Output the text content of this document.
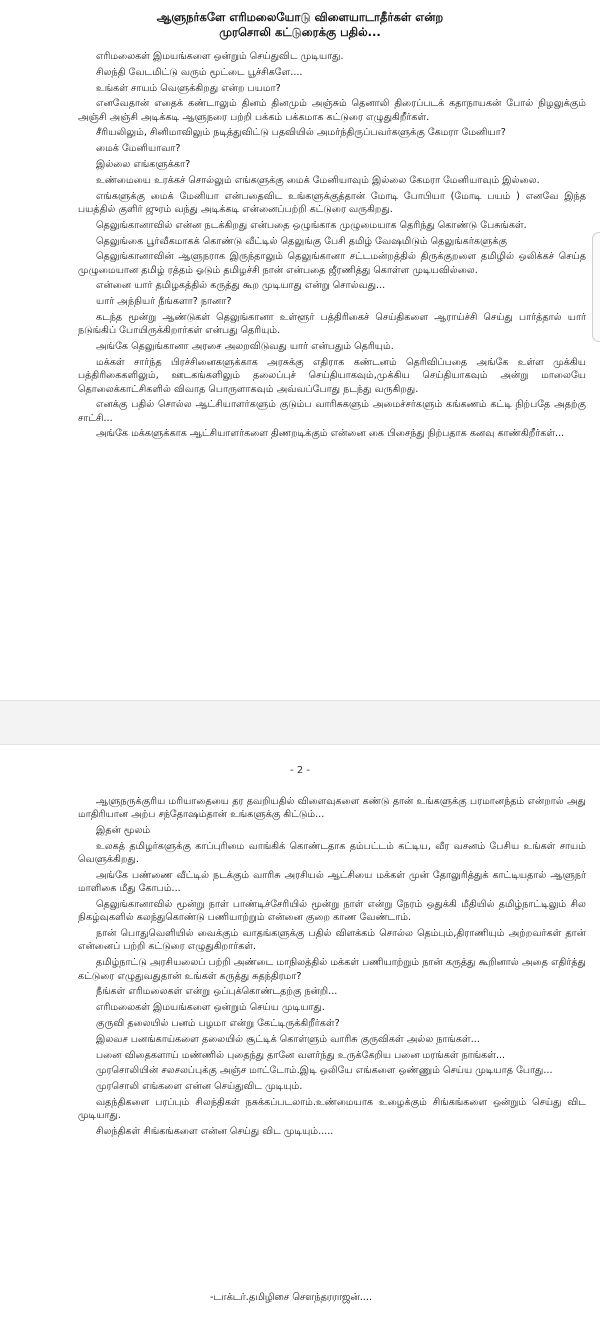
ஆளுநர்களே எரிமலையோடு விளையாடாதீர்கள் என்ற
முரசொலி கட்டுரைக்கு பதில்...

எரிமலைகள் இமயங்களை ஒன்றும் செய்துவிட முடியாது.

சிலந்தி வேடமிட்டு வரும் மூட்டை பூச்சிகளே....

உங்கள் சாயம் வெளுக்கிறது என்ற பயமா?

எனவேதான் எதைக் கண்டாலும் தினம் தினமும் அஞ்சும் தெனாலி திரைப்படக் கதாநாயகன் போல் நிழலுக்கும் அஞ்சி அஞ்சி அடிக்கடி ஆளுநரை பற்றி பக்கம் பக்கமாக கட்டுரை எழுதுகிறீர்கள்.

சீரியலிலும், சினிமாவிலும் நடித்துவிட்டு பதவியில் அமர்ந்திருப்பவர்களுக்கு கேமரா மேனியா?

மைக் மேனியாவா?

இல்லை எங்களுக்கா?

உண்மையை உரக்கச் சொல்லும் எங்களுக்கு மைக் மேனியாவும் இல்லை கேமரா மேனியாவும் இல்லை.

எங்களுக்கு மைக் மேனியா என்பதைவிட உங்களுக்குத்தான் மோடி போபியா (மோடி பயம் ) எனவே இந்த பயத்தில் குளிர் ஜுரம் வந்து அடிக்கடி என்னைப்பற்றி கட்டுரை வருகிறது.

தெலுங்கானாவில் என்ன நடக்கிறது என்பதை ஒழுங்காக முழுமையாக தெரிந்து கொண்டு பேசுங்கள்.

தெலுங்கை பூர்வீகமாகக் கொண்டு வீட்டில் தெலுங்கு பேசி தமிழ் வேஷமிடும் தெலுங்கர்களுக்கு

தெலுங்கானாவின் ஆளுநராக இருந்தாலும் தெலுங்கானா சட்டமன்றத்தில் திருக்குறளை தமிழில் ஒலிக்கச் செய்த முழுமையான தமிழ் ரத்தம் ஓடும் தமிழச்சி நான் என்பதை ஜீரணித்து கொள்ள முடியவில்லை.

என்னை யார் தமிழகத்தில் கருத்து கூற முடியாது என்று சொல்வது...

யார் அந்நியர் நீங்களா? நானா?

கடந்த மூன்று ஆண்டுகள் தெலுங்கானா உள்ளூர் பத்திரிகைச் செய்திகளை ஆராய்ச்சி செய்து பார்த்தால் யார் நடுங்கிப் போயிருக்கிறார்கள் என்பது தெரியும்.

அங்கே தெலுங்கானா அரசை அலறவிடுவது யார் என்பதும் தெரியும்.

மக்கள் சார்ந்த பிரச்சினைகளுக்காக அரசுக்கு எதிராக கண்டனம் தெரிவிப்பதை அங்கே உள்ள முக்கிய பத்திரிகைகளிலும், ஊடகங்களிலும் தலைப்புச் செய்தியாகவும்,முக்கிய செய்தியாகவும் அன்று மாலையே தொலைக்காட்சிகளில் விவாத பொருளாகவும் அவ்வப்போது நடந்து வருகிறது.

எனக்கு பதில் சொல்ல ஆட்சியாளர்களும் குடும்ப வாரிசுகளும் அமைச்சர்களும் கங்கணம் கட்டி நிற்பதே அதற்கு சாட்சி...

அங்கே மக்களுக்காக ஆட்சியாளர்களை திணறடிக்கும் என்னை கை பிசைந்து நிற்பதாக கனவு காண்கிறீர்கள்...

- 2 -

ஆளுநருக்குரிய மரியாதையை தர தவறியதில் விளைவுகளை கண்டு தான் உங்களுக்கு பரமானந்தம் என்றால் அது மாதிரியான அற்ப சந்தோஷம்தான் உங்களுக்கு கிட்டும்...

இதன் மூலம்

உலகத் தமிழர்களுக்கு காப்புரிமை வாங்கிக் கொண்டதாக தம்பட்டம் கட்டிய, வீர வசனம் பேசிய உங்கள் சாயம் வெளுக்கிறது.

அங்கே பண்ணை வீட்டில் நடக்கும் வாரிசு அரசியல் ஆட்சியை மக்கள் முன் தோலுரித்துக் காட்டியதால் ஆளுநர் மாளிகை மீது கோபம்...

தெலுங்கானாவில் மூன்று நாள் பாண்டிச்சேரியில் மூன்று நாள் என்று நேரம் ஒதுக்கி மீதியில் தமிழ்நாட்டிலும் சில நிகழ்வுகளில் கலந்துகொண்டு பணியாற்றும் என்னை குறை காண வேண்டாம்.

நான் பொதுவெளியில் வைக்கும் வாதங்களுக்கு பதில் விளக்கம் சொல்ல தெம்பும்,திராணியும் அற்றவர்கள் தான் என்னைப் பற்றி கட்டுரை எழுதுகிறார்கள்.

தமிழ்நாட்டு அரசியலைப் பற்றி அண்டை மாநிலத்தில் மக்கள் பணியாற்றும் நான் கருத்து கூறினால் அதை எதிர்த்து கட்டுரை எழுதுவதுதான் உங்கள் கருத்து சுதந்திரமா?

நீங்கள் எரிமலைகள் என்று ஒப்புக்கொண்டதற்கு நன்றி...

எரிமலைகள் இமயங்களை ஒன்றும் செய்ய முடியாது.

குருவி தலையில் பனம் பழமா என்று கேட்டிருக்கிறீர்கள்?

இலவச பனங்காய்களை தலையில் சூட்டிக் கொள்ளும் வாரிசு குருவிகள் அல்ல நாங்கள்...

பனை விதைகளாய் மண்ணில் புதைந்து தானே வளர்ந்து உருக்கேறிய பனை மரங்கள் நாங்கள்...

முரசொலியின் சலசலப்புக்கு அஞ்ச மாட்டோம்.இடி ஒலியே எங்களை ஒண்ணும் செய்ய முடியாத போது...

முரசொலி எங்களை என்ன செய்துவிட முடியும்.

வதந்திகளை பரப்பும் சிலந்திகள் நசுக்கப்படலாம்.உண்மையாக உழைக்கும் சிங்கங்களை ஒன்றும் செய்து விட முடியாது.

சிலந்திகள் சிங்கங்களை என்ன செய்து விட முடியும்.....

-டாக்டர்.தமிழிசை சௌந்தரராஜன்....
